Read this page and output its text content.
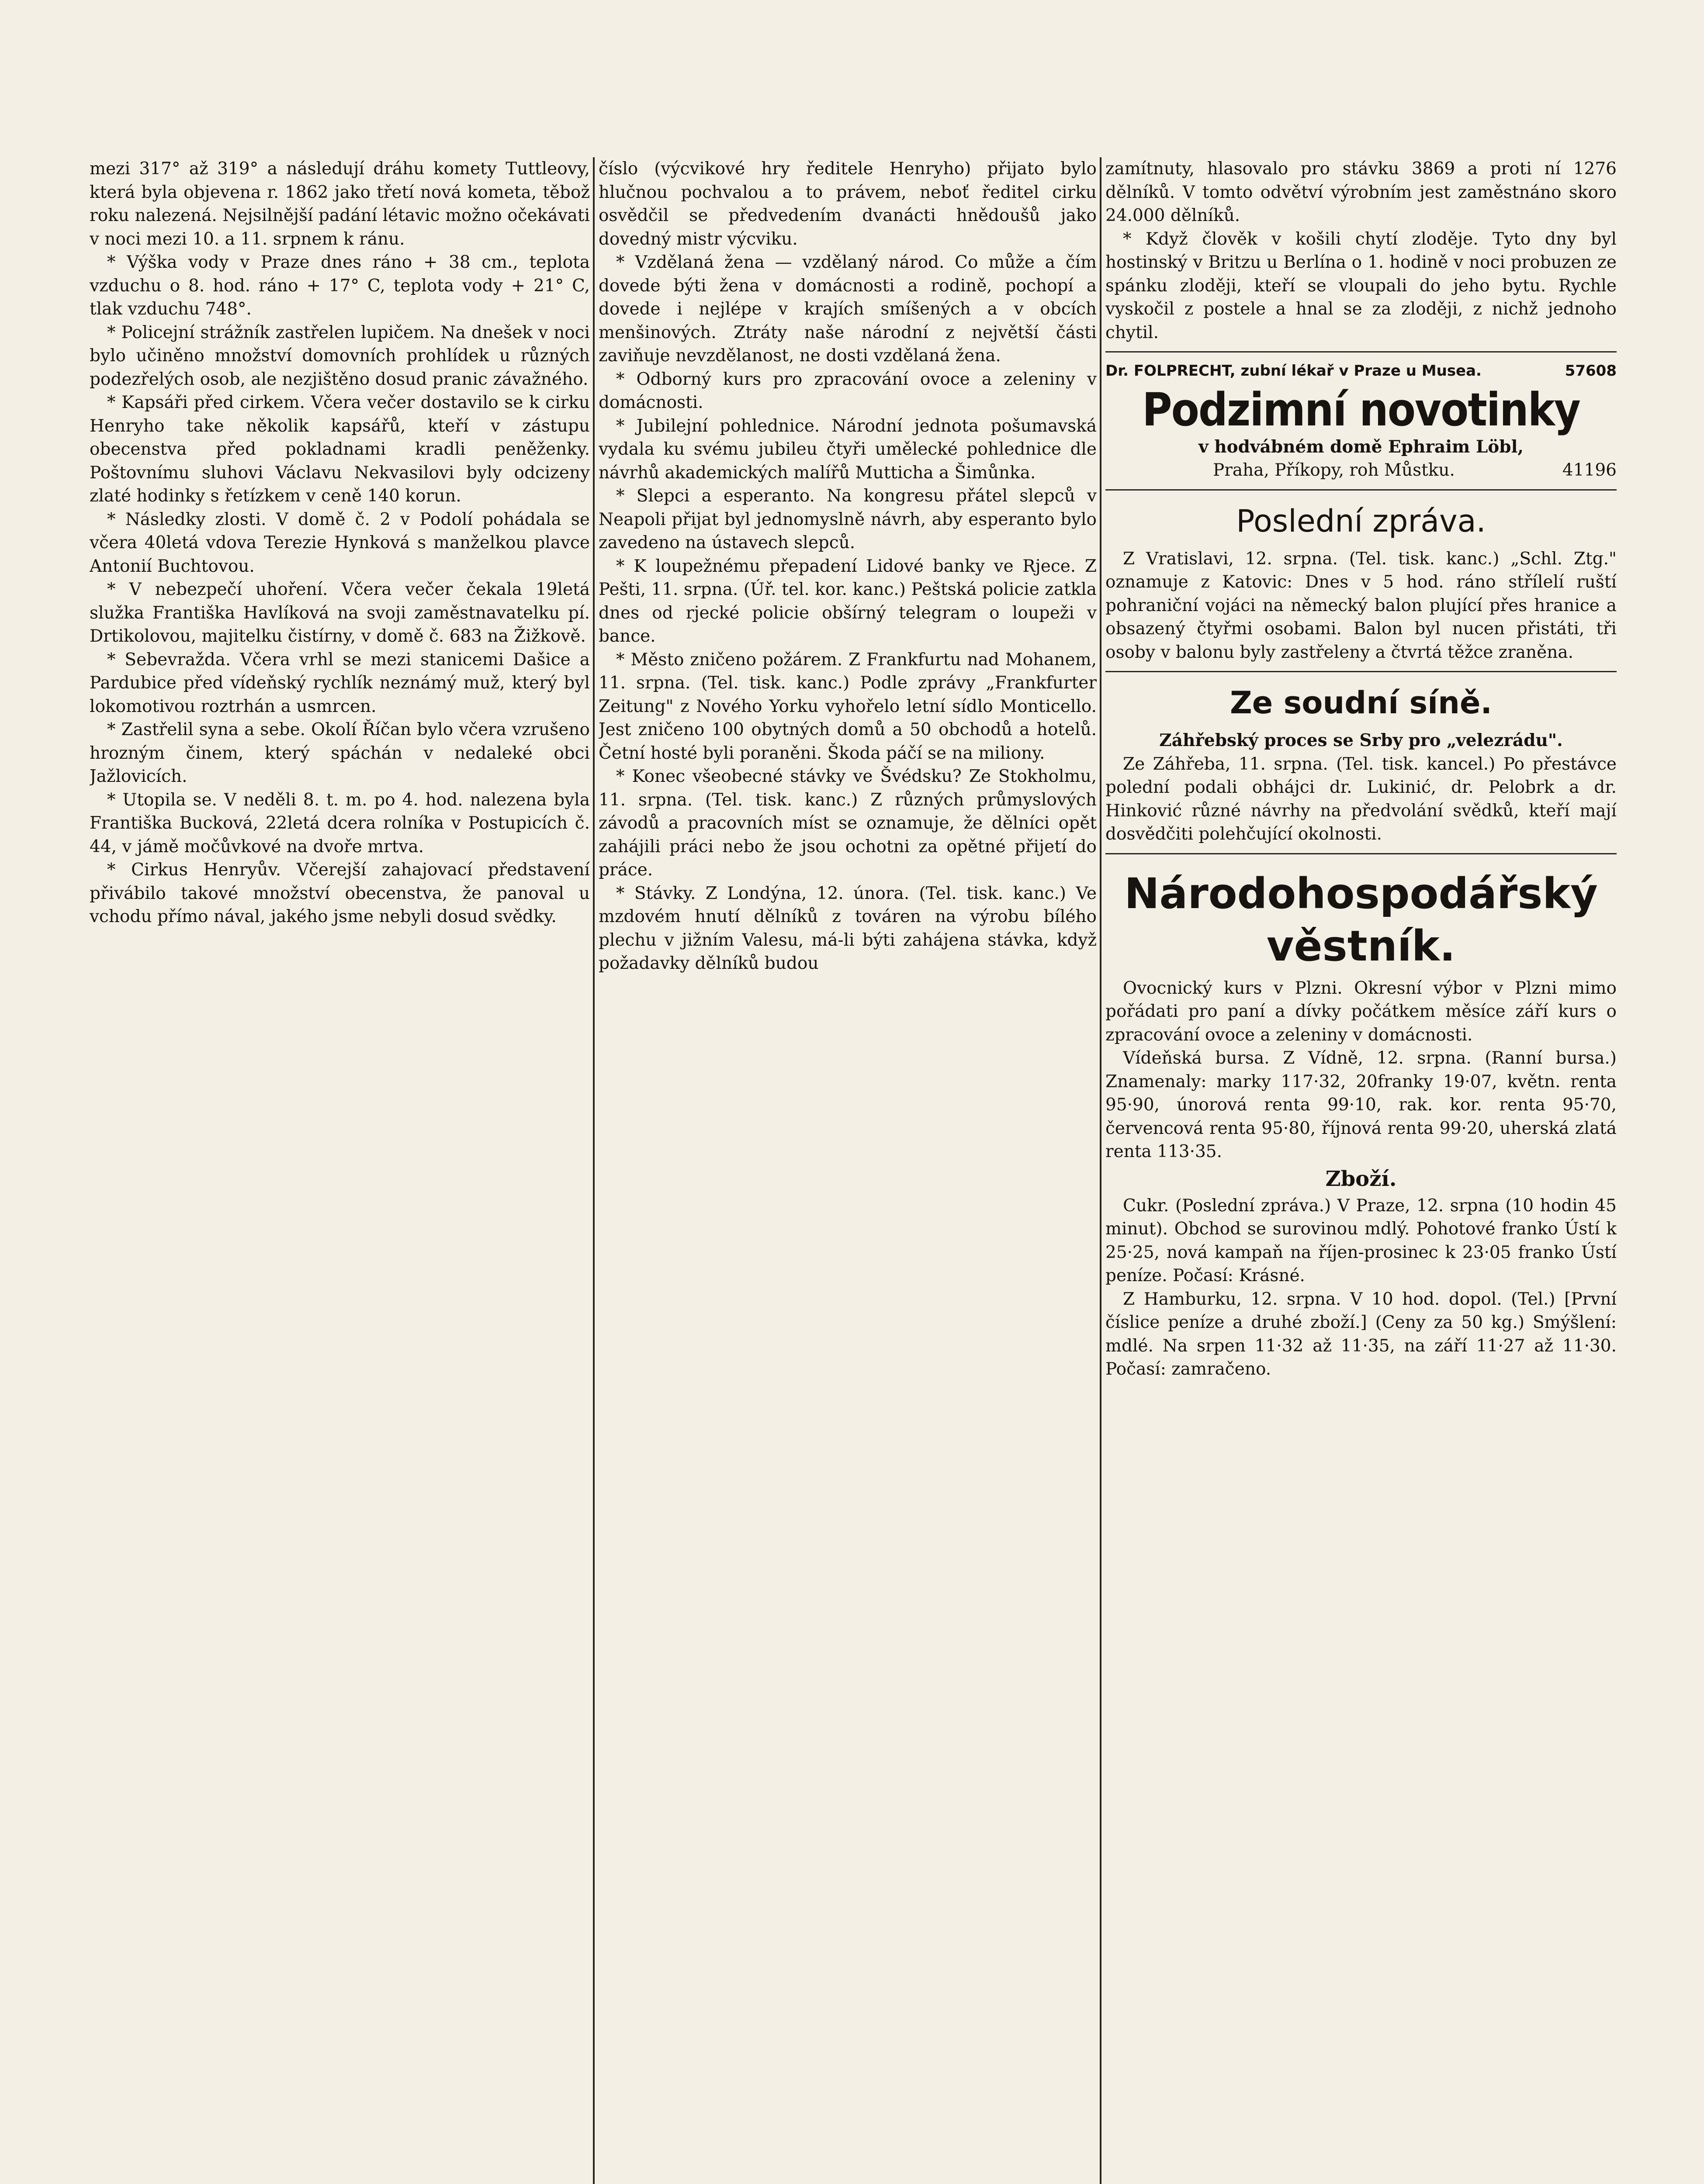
mezi 317° až 319° a následují dráhu komety Tuttleovy, která byla objevena r. 1862 jako třetí nová kometa, těbož roku nalezená. Nejsilnější padání létavic možno očekávati v noci mezi 10. a 11. srpnem k ránu.

* Výška vody v Praze dnes ráno + 38 cm., teplota vzduchu o 8. hod. ráno + 17° C, teplota vody + 21° C, tlak vzduchu 748°.

* Policejní strážník zastřelen lupičem. Na dnešek v noci bylo učiněno množství domovních prohlídek u různých podezřelých osob, ale nezjištěno dosud pranic závažného.

* Kapsáři před cirkem. Včera večer dostavilo se k cirku Henryho take několik kapsářů, kteří v zástupu obecenstva před pokladnami kradli peněženky. Poštovnímu sluhovi Václavu Nekvasilovi byly odcizeny zlaté hodinky s řetízkem v ceně 140 korun.

* Následky zlosti. V domě č. 2 v Podolí pohádala se včera 40letá vdova Terezie Hynková s manželkou plavce Antonií Buchtovou.

* V nebezpečí uhoření. Včera večer čekala 19letá služka Františka Havlíková na svoji zaměstnavatelku pí. Drtikolovou, majitelku čistírny, v domě č. 683 na Žižkově.

* Sebevražda. Včera vrhl se mezi stanicemi Dašice a Pardubice před vídeňský rychlík neznámý muž, který byl lokomotivou roztrhán a usmrcen.

* Zastřelil syna a sebe. Okolí Říčan bylo včera vzrušeno hrozným činem, který spáchán v nedaleké obci Jažlovicích.

* Utopila se. V neděli 8. t. m. po 4. hod. nalezena byla Františka Bucková, 22letá dcera rolníka v Postupicích č. 44, v jámě močůvkové na dvoře mrtva.

* Cirkus Henryův. Včerejší zahajovací představení přivábilo takové množství obecenstva, že panoval u vchodu přímo nával, jakého jsme nebyli dosud svědky.

číslo (výcvikové hry ředitele Henryho) přijato bylo hlučnou pochvalou a to právem, neboť ředitel cirku osvědčil se předvedením dvanácti hnědoušů jako dovedný mistr výcviku.

* Vzdělaná žena — vzdělaný národ. Co může a čím dovede býti žena v domácnosti a rodině, pochopí a dovede i nejlépe v krajích smíšených a v obcích menšinových. Ztráty naše národní z největší části zaviňuje nevzdělanost, ne dosti vzdělaná žena.

* Odborný kurs pro zpracování ovoce a zeleniny v domácnosti.

* Jubilejní pohlednice. Národní jednota pošumavská vydala ku svému jubileu čtyři umělecké pohlednice dle návrhů akademických malířů Mutticha a Šimůnka.

* Slepci a esperanto. Na kongresu přátel slepců v Neapoli přijat byl jednomyslně návrh, aby esperanto bylo zavedeno na ústavech slepců.

* K loupežnému přepadení Lidové banky ve Rjece. Z Pešti, 11. srpna. (Úř. tel. kor. kanc.) Peštská policie zatkla dnes od rjecké policie obšírný telegram o loupeži v bance.

* Město zničeno požárem. Z Frankfurtu nad Mohanem, 11. srpna. (Tel. tisk. kanc.) Podle zprávy „Frankfurter Zeitung" z Nového Yorku vyhořelo letní sídlo Monticello. Jest zničeno 100 obytných domů a 50 obchodů a hotelů. Četní hosté byli poraněni. Škoda páčí se na miliony.

* Konec všeobecné stávky ve Švédsku? Ze Stokholmu, 11. srpna. (Tel. tisk. kanc.) Z různých průmyslových závodů a pracovních míst se oznamuje, že dělníci opět zahájili práci nebo že jsou ochotni za opětné přijetí do práce.

* Stávky. Z Londýna, 12. února. (Tel. tisk. kanc.) Ve mzdovém hnutí dělníků z továren na výrobu bílého plechu v jižním Valesu, má-li býti zahájena stávka, když požadavky dělníků budou

zamítnuty, hlasovalo pro stávku 3869 a proti ní 1276 dělníků. V tomto odvětví výrobním jest zaměstnáno skoro 24.000 dělníků.

* Když člověk v košili chytí zloděje. Tyto dny byl hostinský v Britzu u Berlína o 1. hodině v noci probuzen ze spánku zloději, kteří se vloupali do jeho bytu. Rychle vyskočil z postele a hnal se za zloději, z nichž jednoho chytil.

Dr. FOLPRECHT, zubní lékař v Praze u Musea.	57608
Podzimní novotinky
v hodvábném domě Ephraim Löbl,
Praha, Příkopy, roh Můstku.	41196
Poslední zpráva.

Z Vratislavi, 12. srpna. (Tel. tisk. kanc.) „Schl. Ztg." oznamuje z Katovic: Dnes v 5 hod. ráno střílelí ruští pohraniční vojáci na německý balon plující přes hranice a obsazený čtyřmi osobami. Balon byl nucen přistáti, tři osoby v balonu byly zastřeleny a čtvrtá těžce zraněna.

Ze soudní síně.
Záhřebský proces se Srby pro „velezrádu".

Ze Záhřeba, 11. srpna. (Tel. tisk. kancel.) Po přestávce polední podali obhájci dr. Lukinić, dr. Pelobrk a dr. Hinković různé návrhy na předvolání svědků, kteří mají dosvědčiti polehčující okolnosti.

Národohospodářský věstník.

Ovocnický kurs v Plzni. Okresní výbor v Plzni mimo pořádati pro paní a dívky počátkem měsíce září kurs o zpracování ovoce a zeleniny v domácnosti.

Vídeňská bursa. Z Vídně, 12. srpna. (Ranní bursa.) Znamenaly: marky 117·32, 20franky 19·07, květn. renta 95·90, únorová renta 99·10, rak. kor. renta 95·70, červencová renta 95·80, říjnová renta 99·20, uherská zlatá renta 113·35.

Zboží.

Cukr. (Poslední zpráva.) V Praze, 12. srpna (10 hodin 45 minut). Obchod se surovinou mdlý. Pohotové franko Ústí k 25·25, nová kampaň na říjen-prosinec k 23·05 franko Ústí peníze. Počasí: Krásné.

Z Hamburku, 12. srpna. V 10 hod. dopol. (Tel.) [První číslice peníze a druhé zboží.] (Ceny za 50 kg.) Smýšlení: mdlé. Na srpen 11·32 až 11·35, na září 11·27 až 11·30. Počasí: zamračeno.
